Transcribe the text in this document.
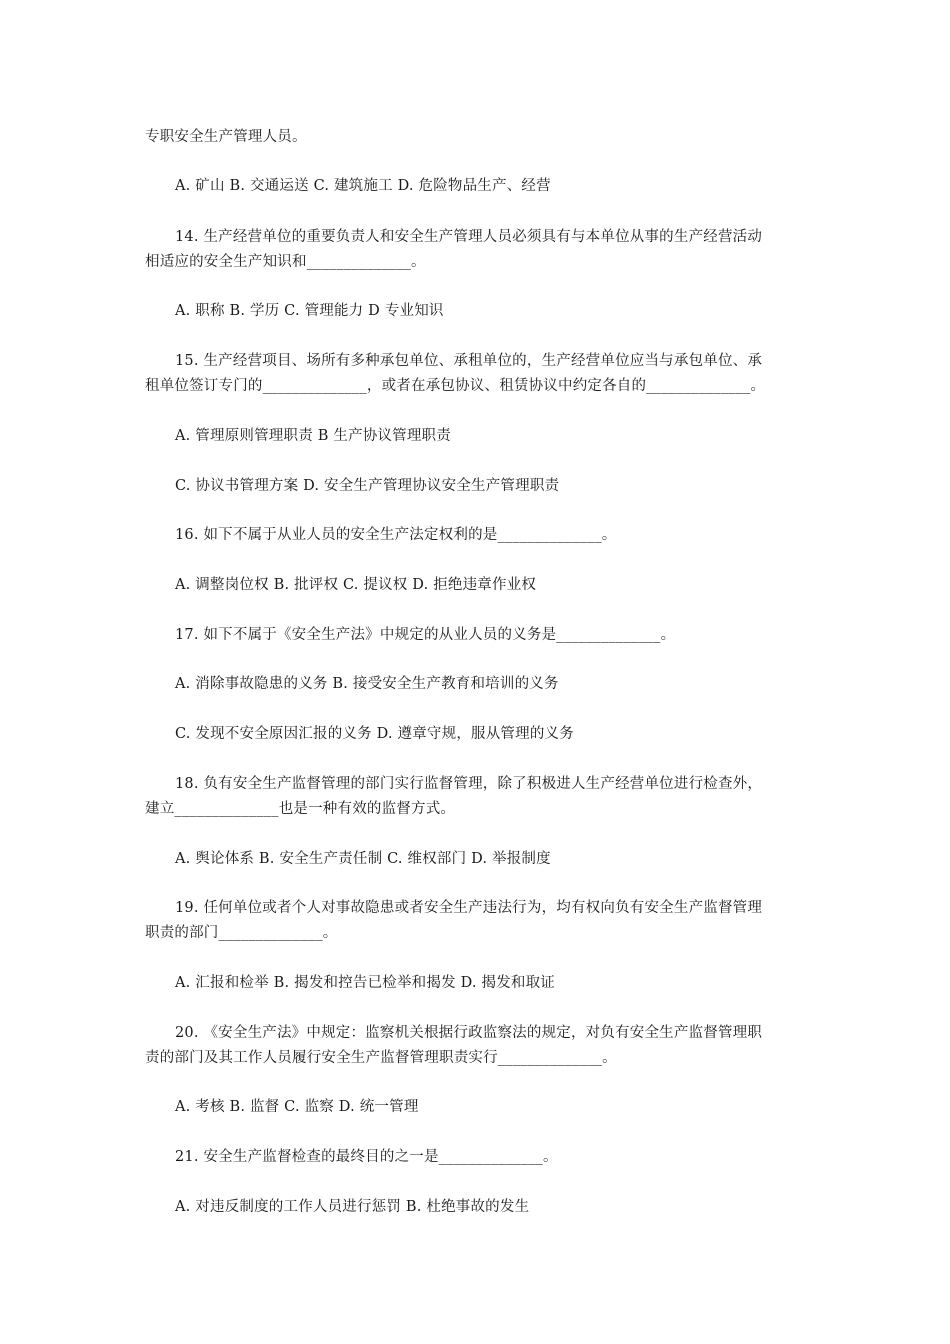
专职安全生产管理人员。
A. 矿山 B. 交通运送 C. 建筑施工 D. 危险物品生产、经营
14. 生产经营单位的重要负责人和安全生产管理人员必须具有与本单位从事的生产经营活动
相适应的安全生产知识和______________。
A. 职称 B. 学历 C. 管理能力 D 专业知识
15. 生产经营项目、场所有多种承包单位、承租单位的，生产经营单位应当与承包单位、承
租单位签订专门的______________，或者在承包协议、租赁协议中约定各自的______________。
A. 管理原则管理职责 B 生产协议管理职责
C. 协议书管理方案 D. 安全生产管理协议安全生产管理职责
16. 如下不属于从业人员的安全生产法定权利的是______________。
A. 调整岗位权 B. 批评权 C. 提议权 D. 拒绝违章作业权
17. 如下不属于《安全生产法》中规定的从业人员的义务是______________。
A. 消除事故隐患的义务 B. 接受安全生产教育和培训的义务
C. 发现不安全原因汇报的义务 D. 遵章守规，服从管理的义务
18. 负有安全生产监督管理的部门实行监督管理，除了积极进人生产经营单位进行检查外，
建立______________也是一种有效的监督方式。
A. 舆论体系 B. 安全生产责任制 C. 维权部门 D. 举报制度
19. 任何单位或者个人对事故隐患或者安全生产违法行为，均有权向负有安全生产监督管理
职责的部门______________。
A. 汇报和检举 B. 揭发和控告已检举和揭发 D. 揭发和取证
20. 《安全生产法》中规定：监察机关根据行政监察法的规定，对负有安全生产监督管理职
责的部门及其工作人员履行安全生产监督管理职责实行______________。
A. 考核 B. 监督 C. 监察 D. 统一管理
21. 安全生产监督检查的最终目的之一是______________。
A. 对违反制度的工作人员进行惩罚 B. 杜绝事故的发生
